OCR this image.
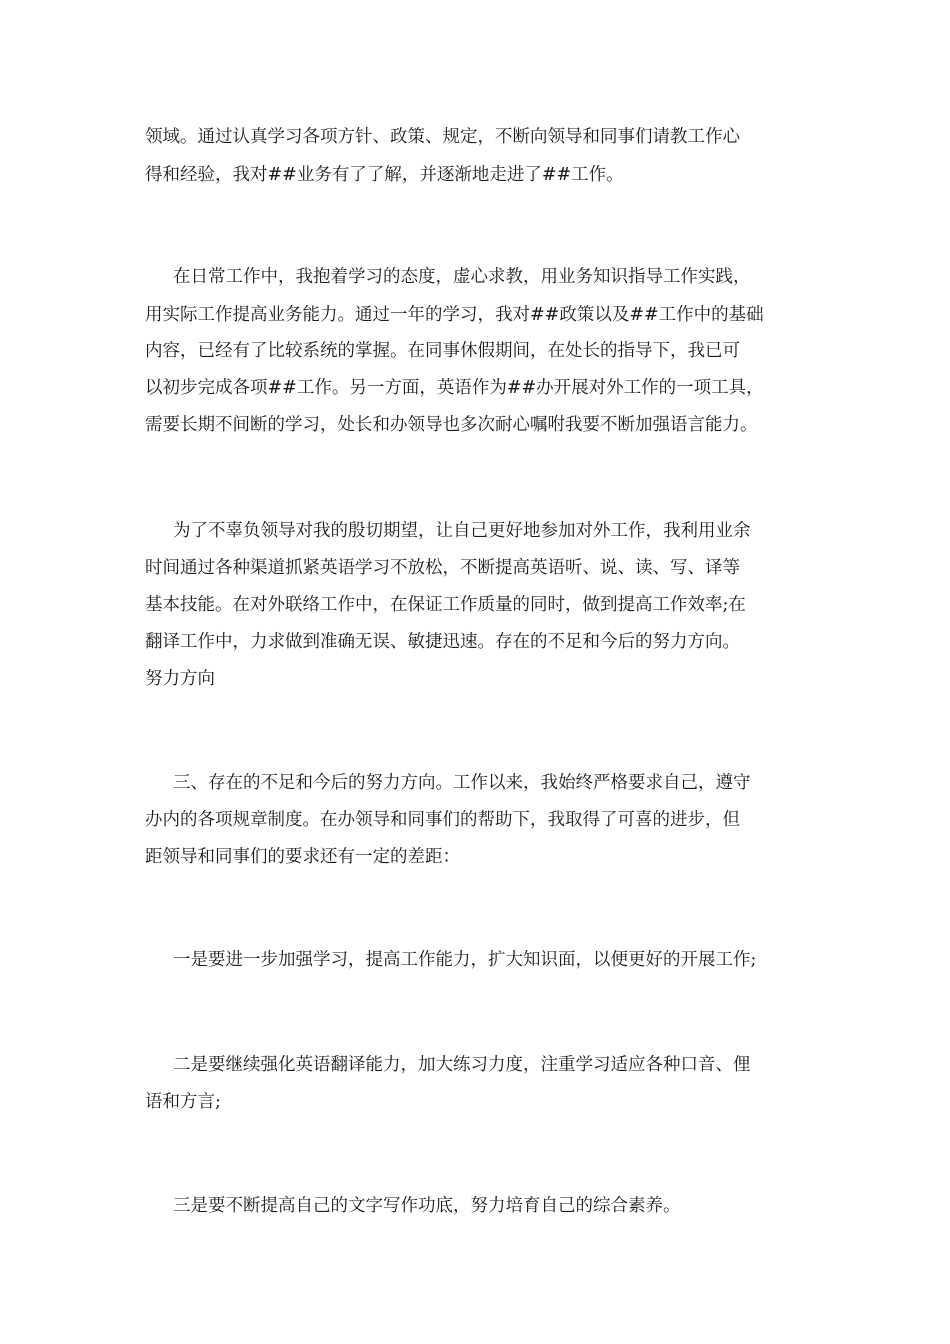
领域。通过认真学习各项方针、政策、规定，不断向领导和同事们请教工作心
得和经验，我对##业务有了了解，并逐渐地走进了##工作。
在日常工作中，我抱着学习的态度，虚心求教，用业务知识指导工作实践，
用实际工作提高业务能力。通过一年的学习，我对##政策以及##工作中的基础
内容，已经有了比较系统的掌握。在同事休假期间，在处长的指导下，我已可
以初步完成各项##工作。另一方面，英语作为##办开展对外工作的一项工具，
需要长期不间断的学习，处长和办领导也多次耐心嘱咐我要不断加强语言能力。
为了不辜负领导对我的殷切期望，让自己更好地参加对外工作，我利用业余
时间通过各种渠道抓紧英语学习不放松，不断提高英语听、说、读、写、译等
基本技能。在对外联络工作中，在保证工作质量的同时，做到提高工作效率;在
翻译工作中，力求做到准确无误、敏捷迅速。存在的不足和今后的努力方向。
努力方向
三、存在的不足和今后的努力方向。工作以来，我始终严格要求自己，遵守
办内的各项规章制度。在办领导和同事们的帮助下，我取得了可喜的进步，但
距领导和同事们的要求还有一定的差距：
一是要进一步加强学习，提高工作能力，扩大知识面，以便更好的开展工作;
二是要继续强化英语翻译能力，加大练习力度，注重学习适应各种口音、俚
语和方言;
三是要不断提高自己的文字写作功底，努力培育自己的综合素养。
